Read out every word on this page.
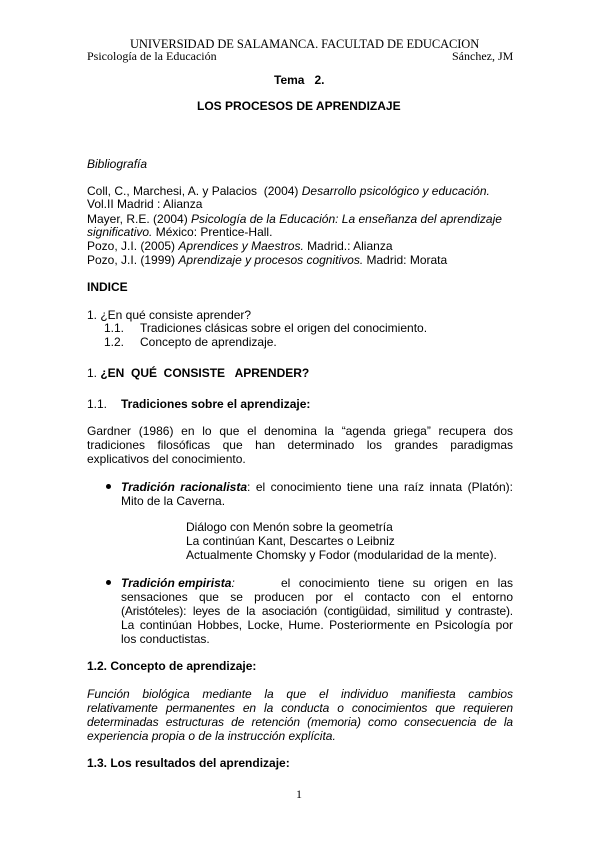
UNIVERSIDAD DE SALAMANCA. FACULTAD DE EDUCACION
Psicología de la Educación	Sánchez, JM
Tema   2.
LOS PROCESOS DE APRENDIZAJE
Bibliografía
Coll, C., Marchesi, A. y Palacios  (2004) Desarrollo psicológico y educación.
Vol.II Madrid : Alianza
Mayer, R.E. (2004) Psicología de la Educación: La enseñanza del aprendizaje
significativo. México: Prentice-Hall.
Pozo, J.I. (2005) Aprendices y Maestros. Madrid.: Alianza
Pozo, J.I. (1999) Aprendizaje y procesos cognitivos. Madrid: Morata
INDICE
1. ¿En qué consiste aprender?
1.1. Tradiciones clásicas sobre el origen del conocimiento.
1.2. Concepto de aprendizaje.
1. ¿EN  QUÉ  CONSISTE   APRENDER?
1.1. Tradiciones sobre el aprendizaje:
Gardner (1986) en lo que el denomina la “agenda griega” recupera dos
tradiciones filosóficas que han determinado los grandes paradigmas
explicativos del conocimiento.
Tradición racionalista: el conocimiento tiene una raíz innata (Platón):
Mito de la Caverna.
Diálogo con Menón sobre la geometría
La continúan Kant, Descartes o Leibniz
Actualmente Chomsky y Fodor (modularidad de la mente).
Tradición empirista:	el conocimiento tiene su origen en las
sensaciones que se producen por el contacto con el entorno
(Aristóteles): leyes de la asociación (contigüidad, similitud y contraste).
La continúan Hobbes, Locke, Hume. Posteriormente en Psicología por
los conductistas.
1.2. Concepto de aprendizaje:
Función biológica mediante la que el individuo manifiesta cambios
relativamente permanentes en la conducta o conocimientos que requieren
determinadas estructuras de retención (memoria) como consecuencia de la
experiencia propia o de la instrucción explícita.
1.3. Los resultados del aprendizaje:
1
